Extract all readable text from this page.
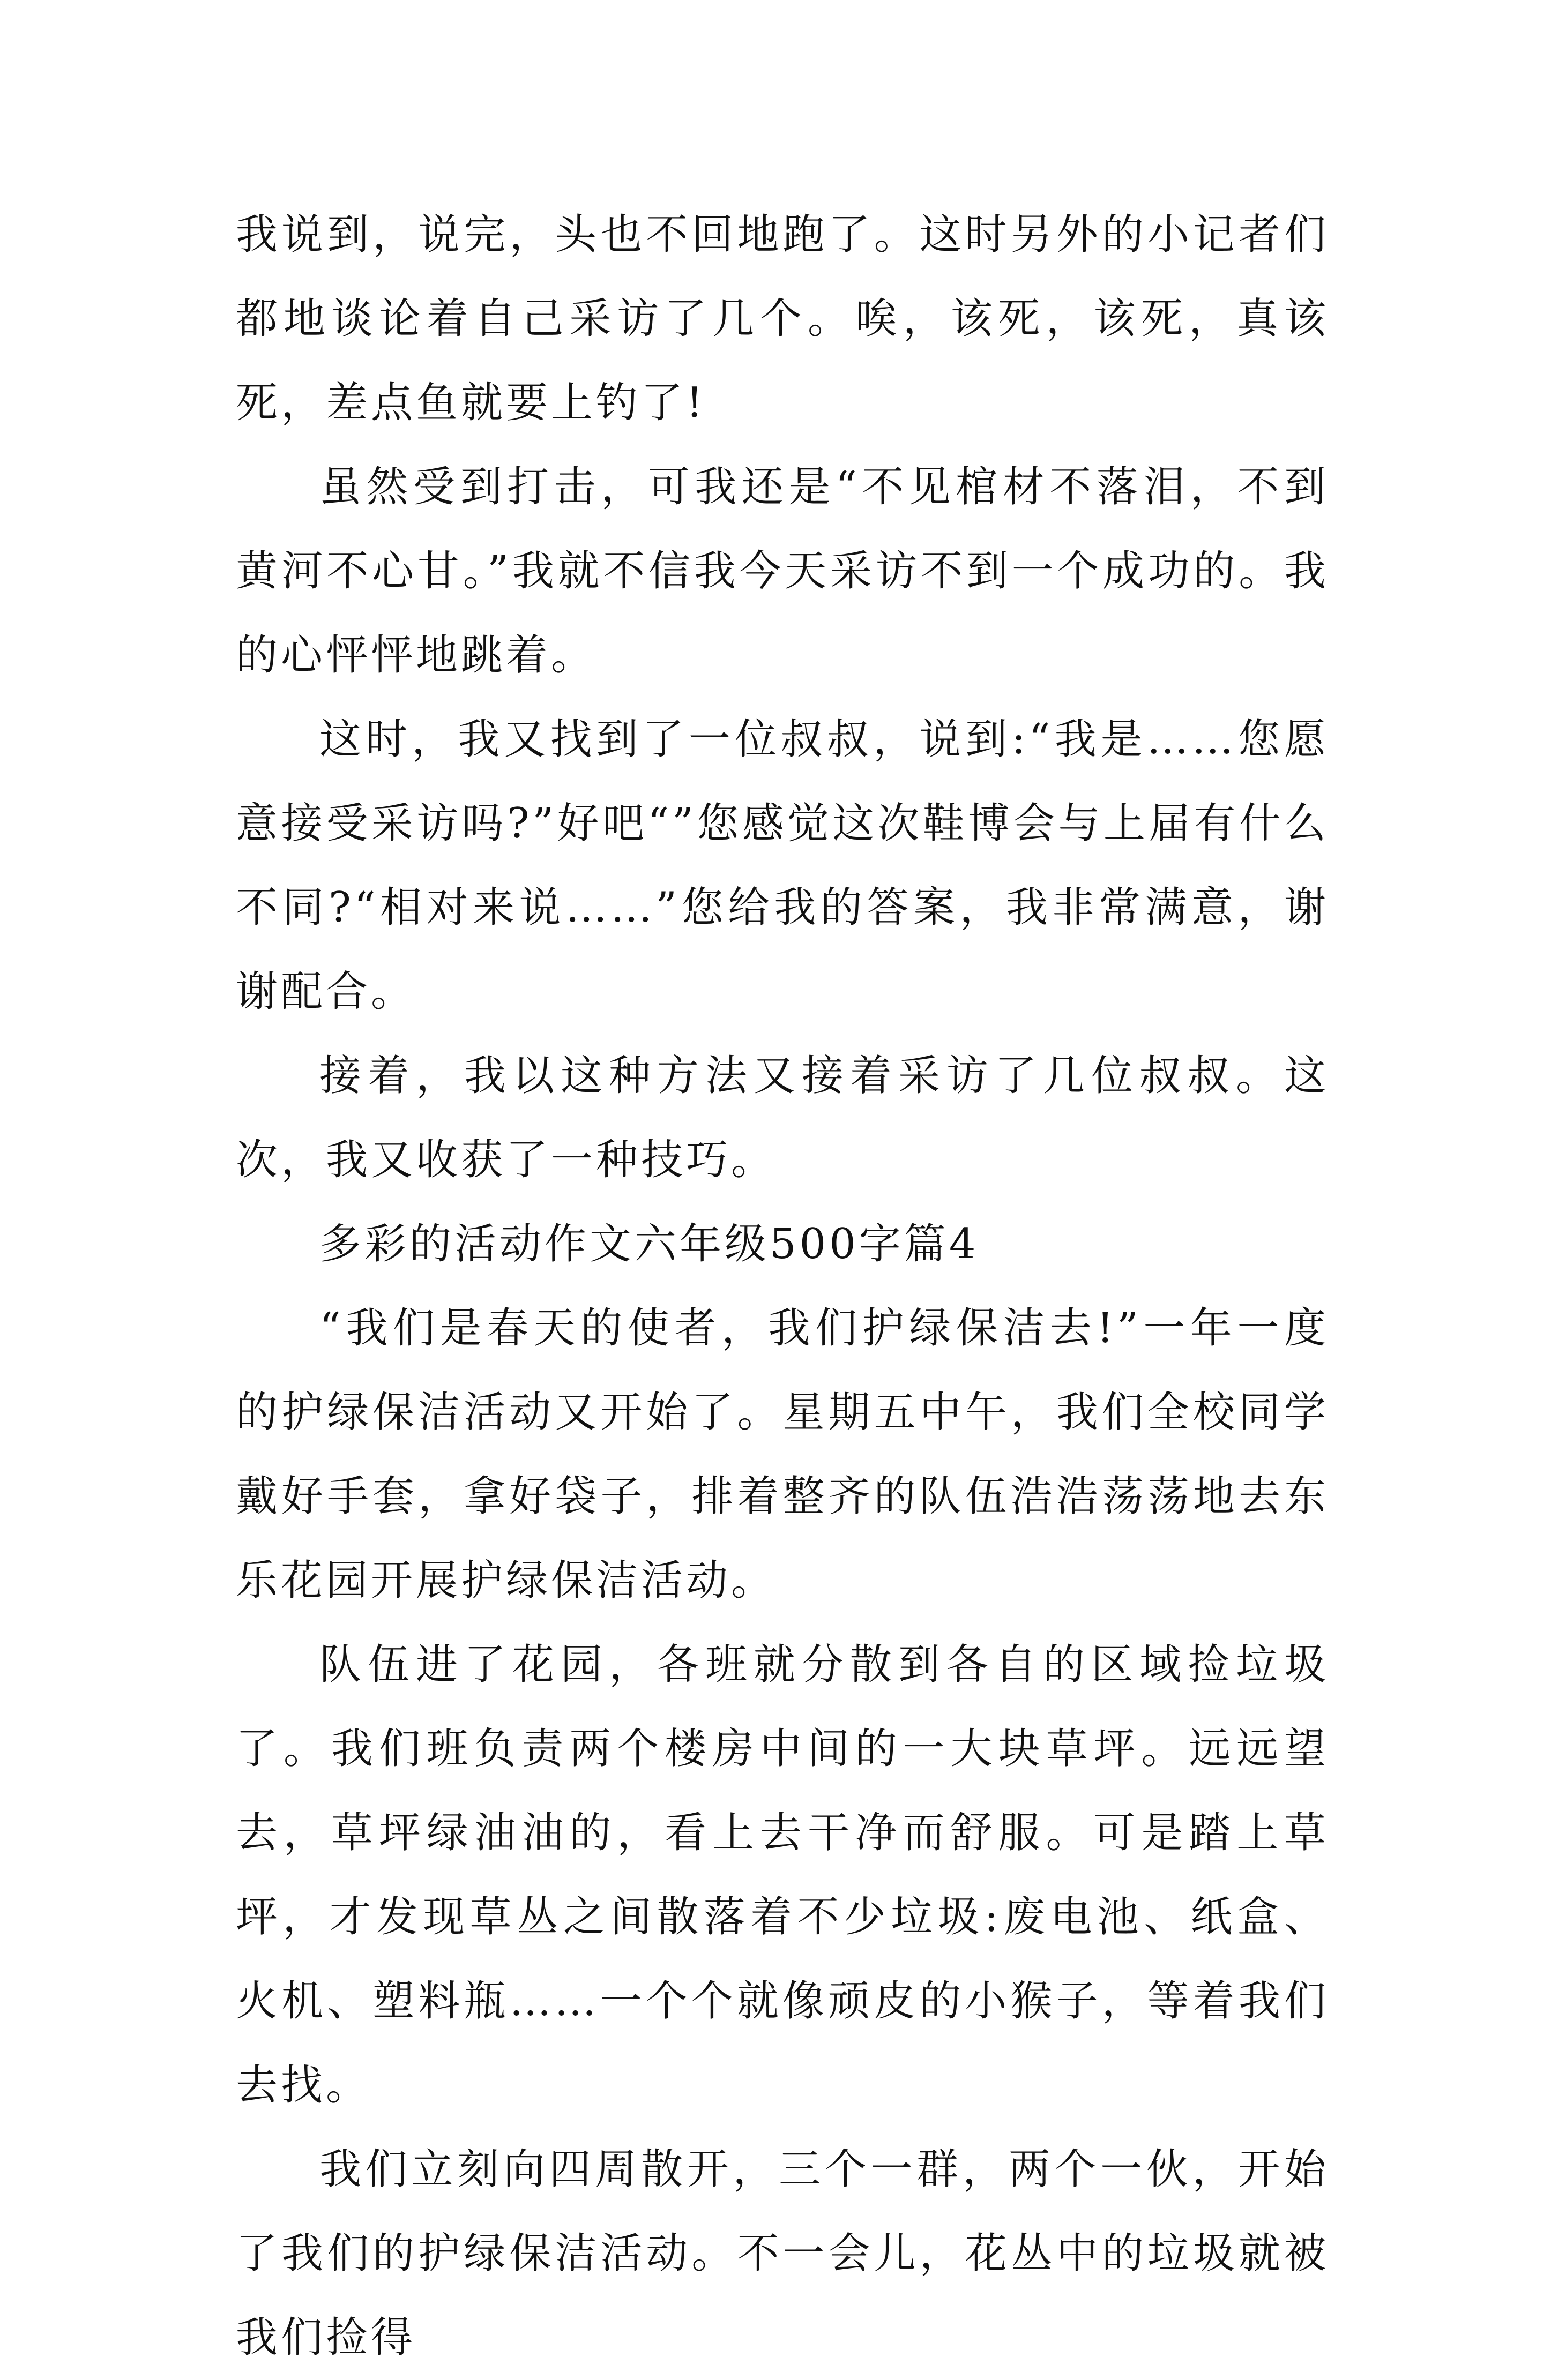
我说到，说完，头也不回地跑了。这时另外的小记者们都地谈论着自己采访了几个。唉，该死，该死，真该死，差点鱼就要上钓了!

虽然受到打击，可我还是“不见棺材不落泪，不到黄河不心甘。”我就不信我今天采访不到一个成功的。我的心怦怦地跳着。

这时，我又找到了一位叔叔，说到:“我是……您愿意接受采访吗?”好吧“”您感觉这次鞋博会与上届有什么不同?“相对来说……”您给我的答案，我非常满意，谢谢配合。

接着，我以这种方法又接着采访了几位叔叔。这次，我又收获了一种技巧。

多彩的活动作文六年级500字篇4

“我们是春天的使者，我们护绿保洁去!”一年一度的护绿保洁活动又开始了。星期五中午，我们全校同学戴好手套，拿好袋子，排着整齐的队伍浩浩荡荡地去东乐花园开展护绿保洁活动。

队伍进了花园，各班就分散到各自的区域捡垃圾了。我们班负责两个楼房中间的一大块草坪。远远望去，草坪绿油油的，看上去干净而舒服。可是踏上草坪，才发现草丛之间散落着不少垃圾:废电池、纸盒、火机、塑料瓶……一个个就像顽皮的小猴子，等着我们去找。

我们立刻向四周散开，三个一群，两个一伙，开始了我们的护绿保洁活动。不一会儿，花丛中的垃圾就被我们捡得
